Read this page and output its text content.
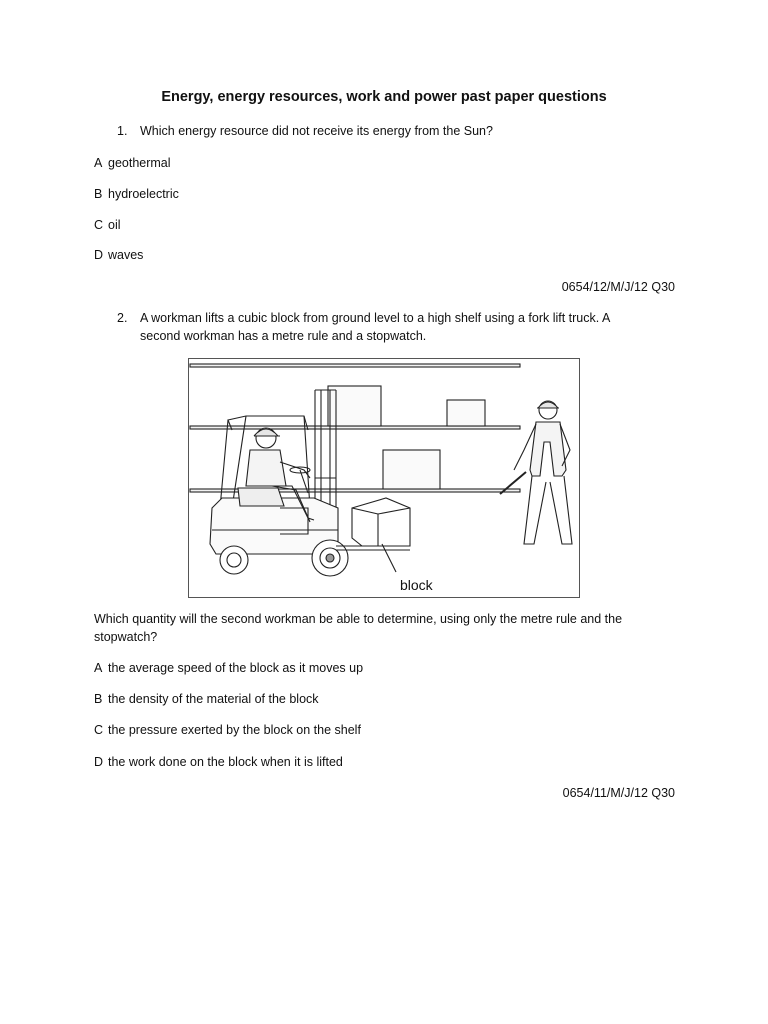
Energy, energy resources, work and power past paper questions
1. Which energy resource did not receive its energy from the Sun?
A geothermal
B hydroelectric
C oil
D waves
0654/12/M/J/12 Q30
2. A workman lifts a cubic block from ground level to a high shelf using a fork lift truck. A
second workman has a metre rule and a stopwatch.
block
Which quantity will the second workman be able to determine, using only the metre rule and the
stopwatch?
A the average speed of the block as it moves up
B the density of the material of the block
C the pressure exerted by the block on the shelf
D the work done on the block when it is lifted
0654/11/M/J/12 Q30
